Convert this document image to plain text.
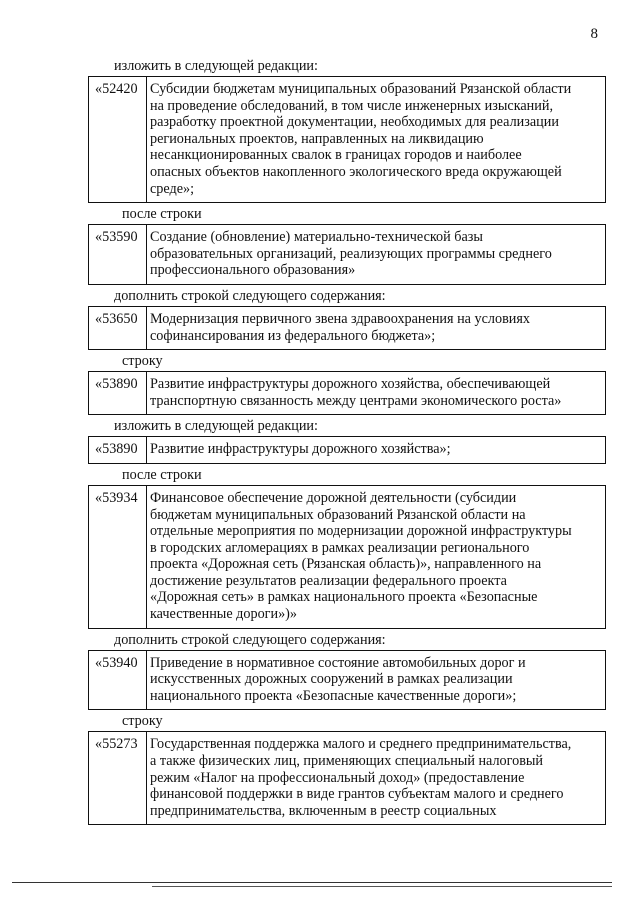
8
изложить в следующей редакции:
«52420 Субсидии бюджетам муниципальных образований Рязанской области
на проведение обследований, в том числе инженерных изысканий,
разработку проектной документации, необходимых для реализации
региональных проектов, направленных на ликвидацию
несанкционированных свалок в границах городов и наиболее
опасных объектов накопленного экологического вреда окружающей
среде»;
после строки
«53590 Создание (обновление) материально-технической базы
образовательных организаций, реализующих программы среднего
профессионального образования»
дополнить строкой следующего содержания:
«53650 Модернизация первичного звена здравоохранения на условиях
софинансирования из федерального бюджета»;
строку
«53890 Развитие инфраструктуры дорожного хозяйства, обеспечивающей
транспортную связанность между центрами экономического роста»
изложить в следующей редакции:
«53890 Развитие инфраструктуры дорожного хозяйства»;
после строки
«53934 Финансовое обеспечение дорожной деятельности (субсидии
бюджетам муниципальных образований Рязанской области на
отдельные мероприятия по модернизации дорожной инфраструктуры
в городских агломерациях в рамках реализации регионального
проекта «Дорожная сеть (Рязанская область)», направленного на
достижение результатов реализации федерального проекта
«Дорожная сеть» в рамках национального проекта «Безопасные
качественные дороги»)»
дополнить строкой следующего содержания:
«53940 Приведение в нормативное состояние автомобильных дорог и
искусственных дорожных сооружений в рамках реализации
национального проекта «Безопасные качественные дороги»;
строку
«55273 Государственная поддержка малого и среднего предпринимательства,
а также физических лиц, применяющих специальный налоговый
режим «Налог на профессиональный доход» (предоставление
финансовой поддержки в виде грантов субъектам малого и среднего
предпринимательства, включенным в реестр социальных
